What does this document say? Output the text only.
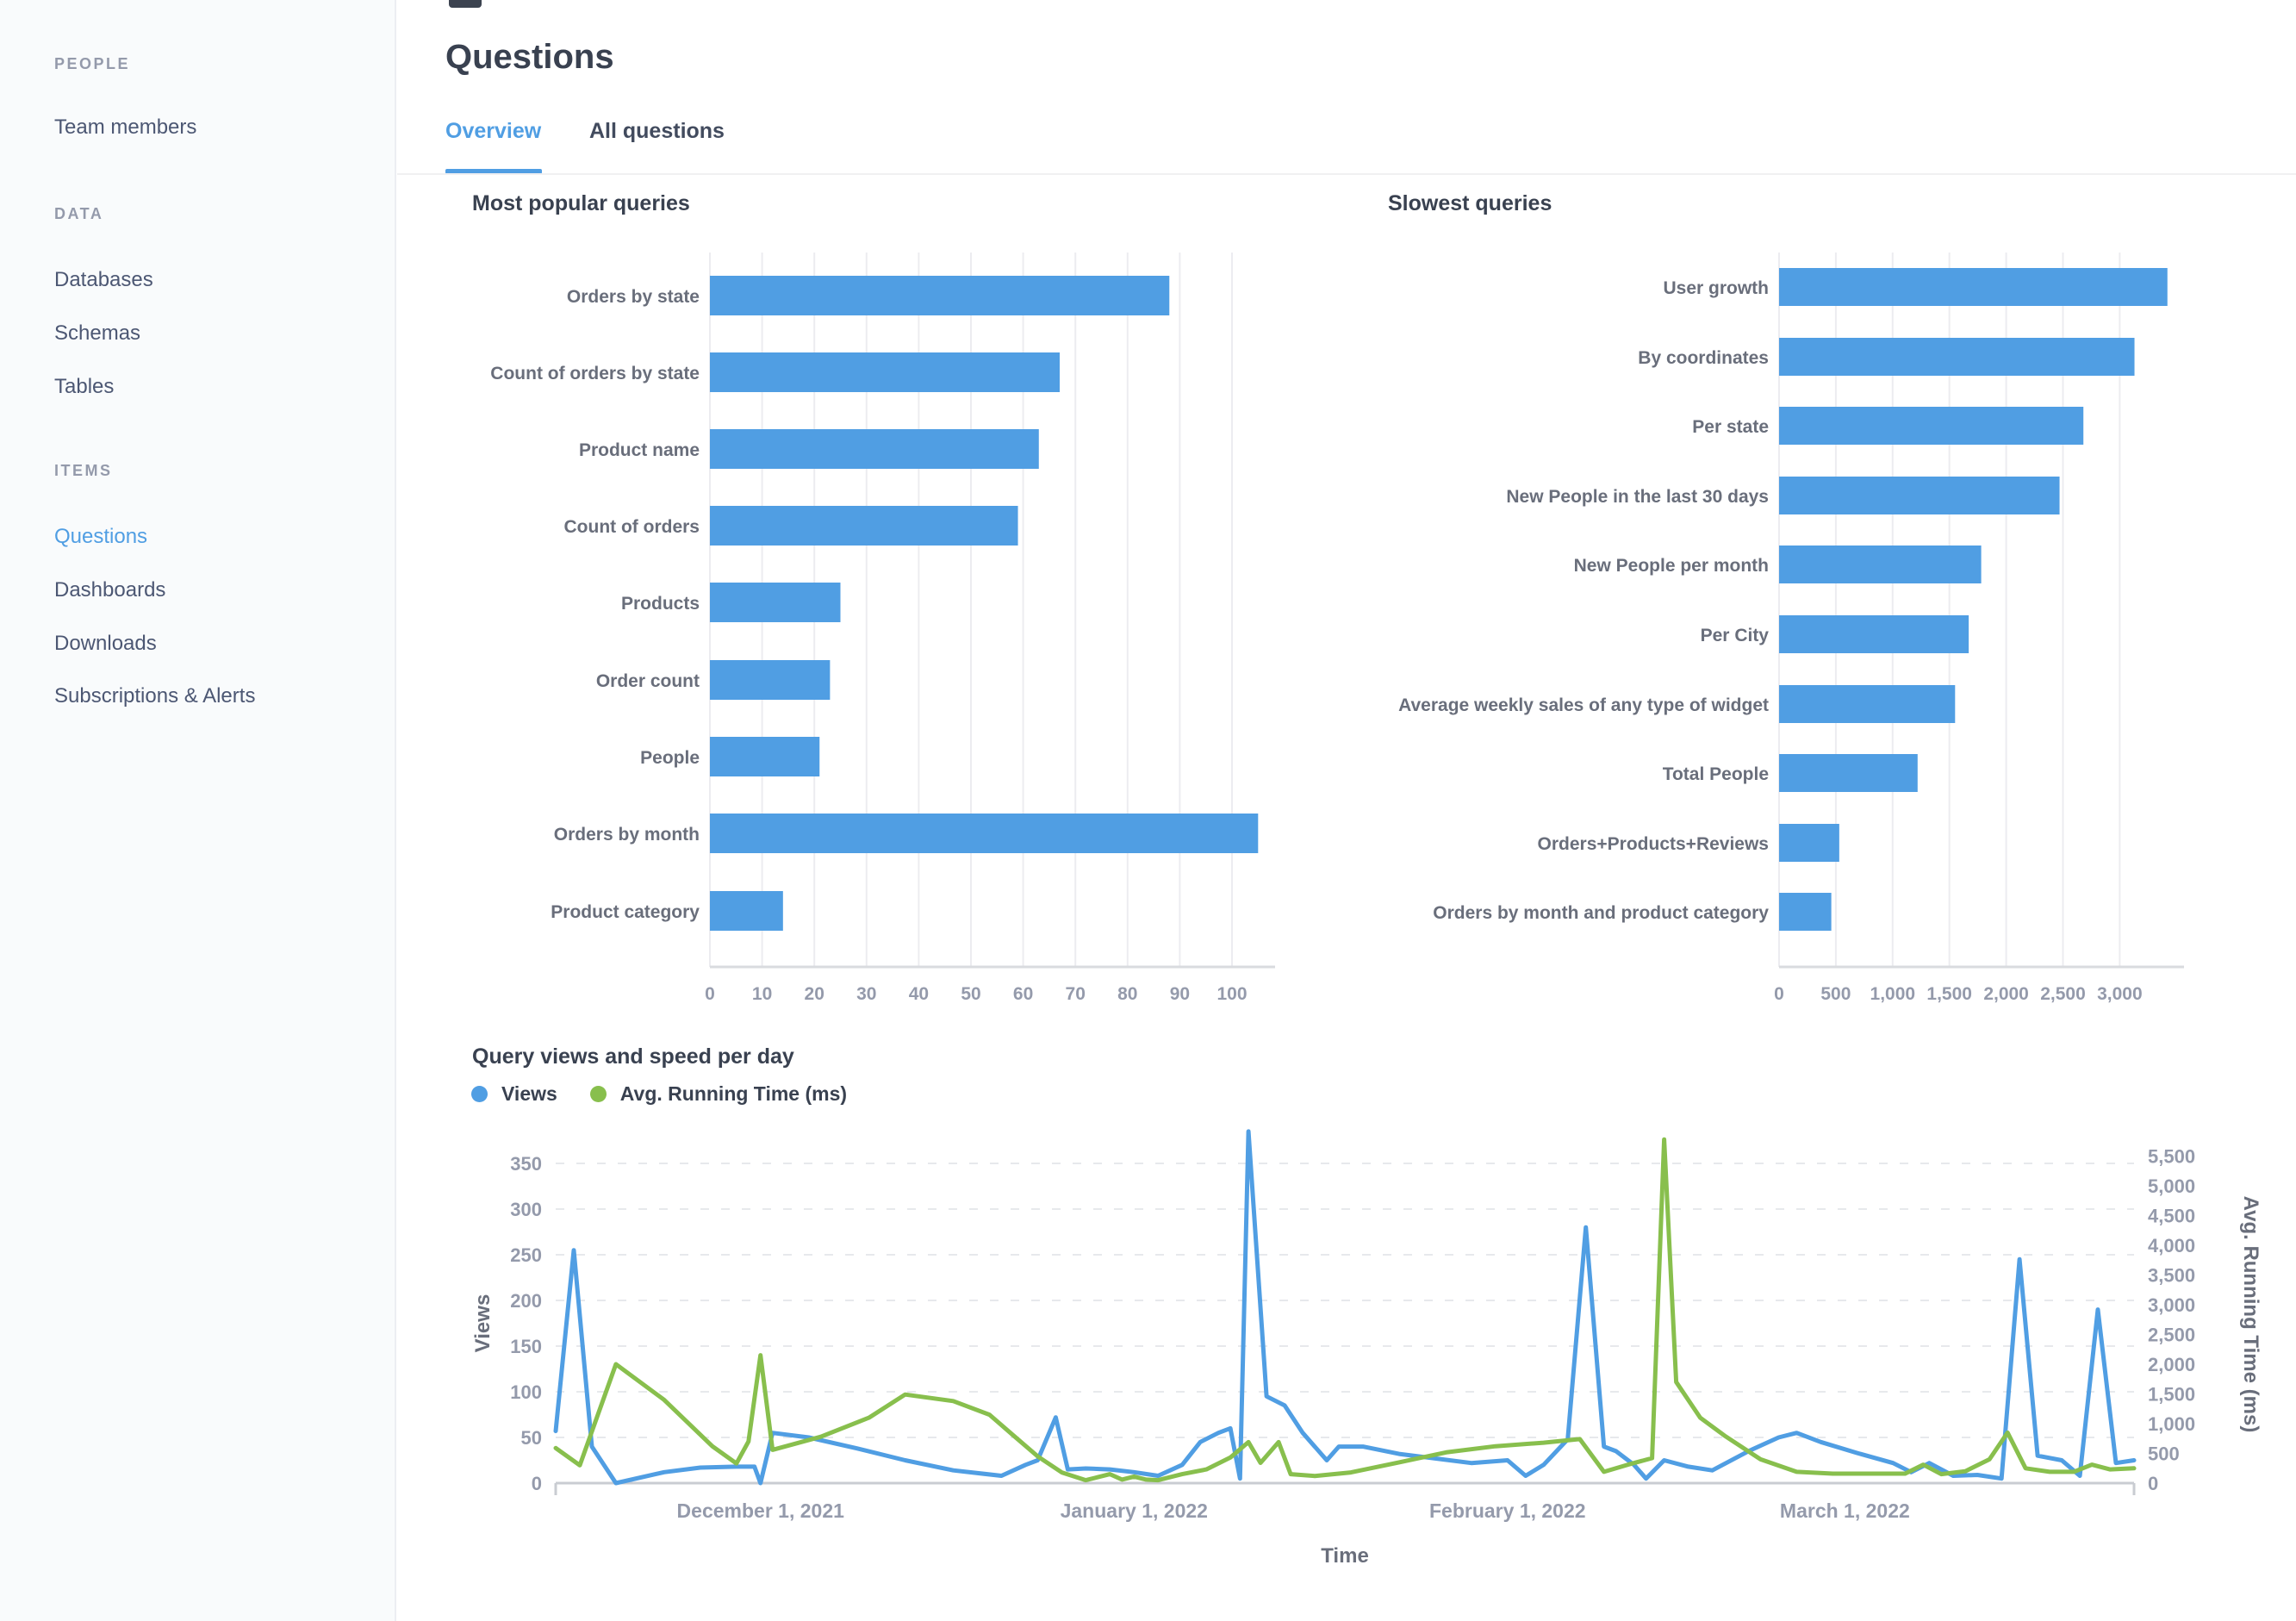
PEOPLE
Team members
DATA
Databases
Schemas
Tables
ITEMS
Questions
Dashboards
Downloads
Subscriptions & Alerts
Questions
Overview All questions
Most popular queries	Slowest queries
Orders by state
Count of orders by state
Product name
Count of orders
Products
Order count
People
Orders by month
Product category
0 10 20 30 40 50 60 70 80 90 100
User growth
By coordinates
Per state
New People in the last 30 days
New People per month
Per City
Average weekly sales of any type of widget
Total People
Orders+Products+Reviews
Orders by month and product category
0 500 1,000 1,500 2,000 2,500 3,000
Query views and speed per day
Views	Avg. Running Time (ms)
0
50
100
150
200
250
300
350
0
500
1,000
1,500
2,000
2,500
3,000
3,500
4,000
4,500
5,000
5,500
December 1, 2021	January 1, 2022	February 1, 2022	March 1, 2022
Time
Views	Avg. Running Time (ms)
